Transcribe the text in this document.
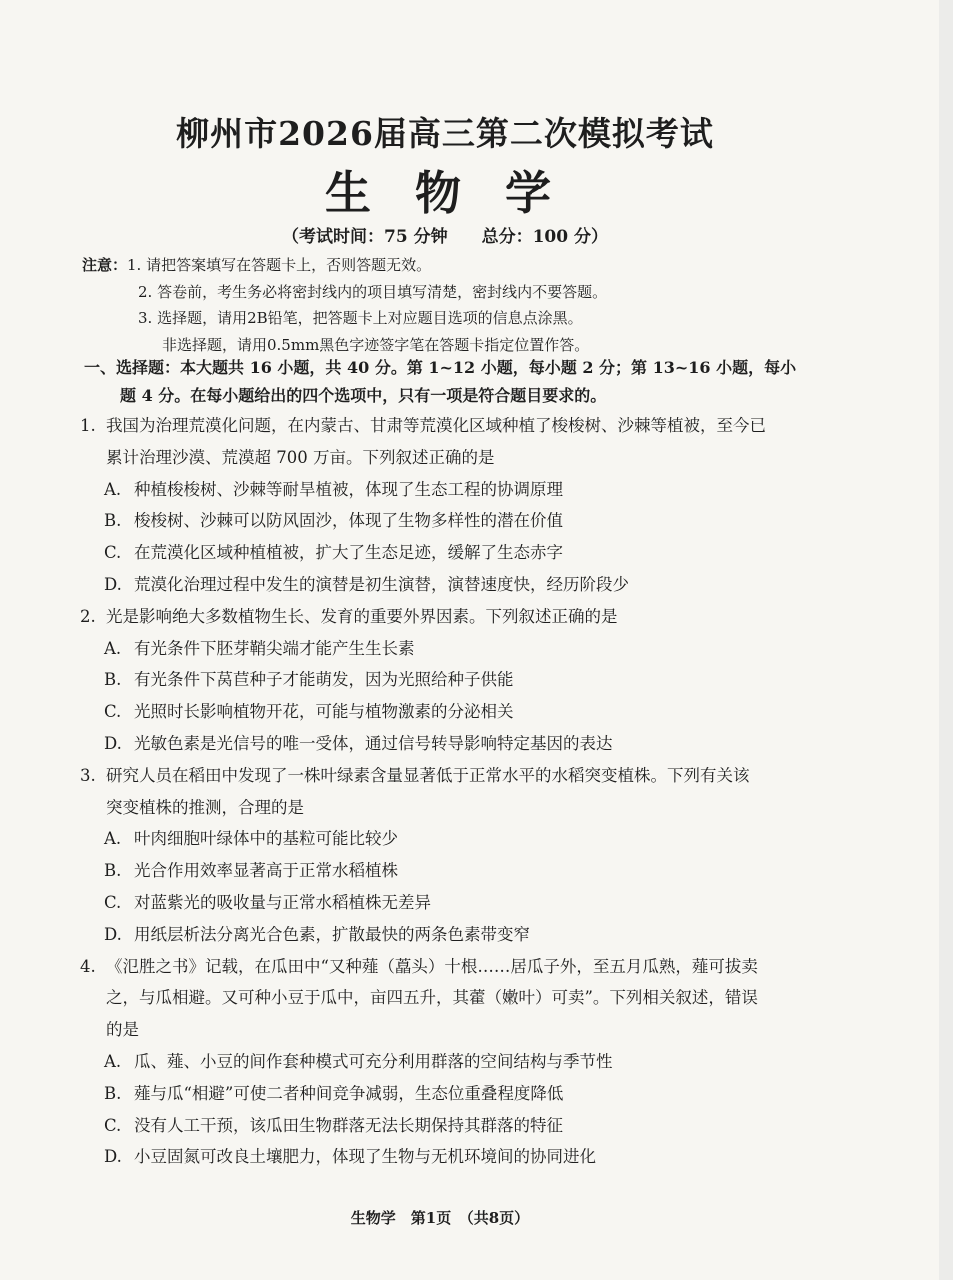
柳州市2026届高三第二次模拟考试
生 物 学
（考试时间：75 分钟　　总分：100 分）
注意：1. 请把答案填写在答题卡上，否则答题无效。
2. 答卷前，考生务必将密封线内的项目填写清楚，密封线内不要答题。
3. 选择题，请用2B铅笔，把答题卡上对应题目选项的信息点涂黑。
非选择题，请用0.5mm黑色字迹签字笔在答题卡指定位置作答。
一、选择题：本大题共 16 小题，共 40 分。第 1~12 小题，每小题 2 分；第 13~16 小题，每小
题 4 分。在每小题给出的四个选项中，只有一项是符合题目要求的。
1. 我国为治理荒漠化问题，在内蒙古、甘肃等荒漠化区域种植了梭梭树、沙棘等植被，至今已
累计治理沙漠、荒漠超 700 万亩。下列叙述正确的是
A. 种植梭梭树、沙棘等耐旱植被，体现了生态工程的协调原理
B. 梭梭树、沙棘可以防风固沙，体现了生物多样性的潜在价值
C. 在荒漠化区域种植植被，扩大了生态足迹，缓解了生态赤字
D. 荒漠化治理过程中发生的演替是初生演替，演替速度快，经历阶段少
2. 光是影响绝大多数植物生长、发育的重要外界因素。下列叙述正确的是
A. 有光条件下胚芽鞘尖端才能产生生长素
B. 有光条件下莴苣种子才能萌发，因为光照给种子供能
C. 光照时长影响植物开花，可能与植物激素的分泌相关
D. 光敏色素是光信号的唯一受体，通过信号转导影响特定基因的表达
3. 研究人员在稻田中发现了一株叶绿素含量显著低于正常水平的水稻突变植株。下列有关该
突变植株的推测，合理的是
A. 叶肉细胞叶绿体中的基粒可能比较少
B. 光合作用效率显著高于正常水稻植株
C. 对蓝紫光的吸收量与正常水稻植株无差异
D. 用纸层析法分离光合色素，扩散最快的两条色素带变窄
4. 《氾胜之书》记载，在瓜田中“又种薤（藠头）十根……居瓜子外，至五月瓜熟，薤可拔卖
之，与瓜相避。又可种小豆于瓜中，亩四五升，其藿（嫩叶）可卖”。下列相关叙述，错误
的是
A. 瓜、薤、小豆的间作套种模式可充分利用群落的空间结构与季节性
B. 薤与瓜“相避”可使二者种间竞争减弱，生态位重叠程度降低
C. 没有人工干预，该瓜田生物群落无法长期保持其群落的特征
D. 小豆固氮可改良土壤肥力，体现了生物与无机环境间的协同进化
生物学　第1页　（共8页）
